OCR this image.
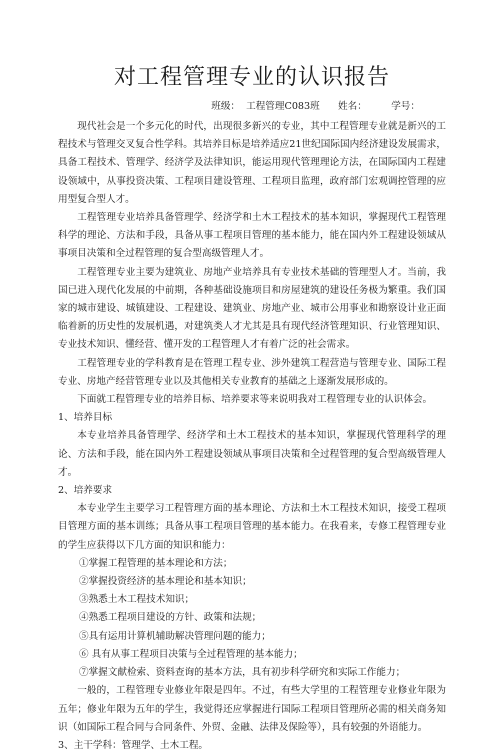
对工程管理专业的认识报告
班级：  工程管理C083班      姓名：        学号：

现代社会是一个多元化的时代，出现很多新兴的专业，其中工程管理专业就是新兴的工程技术与管理交叉复合性学科。其培养目标是培养适应21世纪国际国内经济建设发展需求，具备工程技术、管理学、经济学及法律知识，能运用现代管理理论方法，在国际国内工程建设领域中，从事投资决策、工程项目建设管理、工程项目监理，政府部门宏观调控管理的应用型复合型人才。

工程管理专业培养具备管理学、经济学和土木工程技术的基本知识，掌握现代工程管理科学的理论、方法和手段，具备从事工程项目管理的基本能力，能在国内外工程建设领域从事项目决策和全过程管理的复合型高级管理人才。

工程管理专业主要为建筑业、房地产业培养具有专业技术基础的管理型人才。当前，我国已进入现代化发展的中前期，各种基础设施项目和房屋建筑的建设任务极为繁重。我们国家的城市建设、城镇建设、工程建设、建筑业、房地产业、城市公用事业和勘察设计业正面临着新的历史性的发展机遇，对建筑类人才尤其是具有现代经济管理知识、行业管理知识、专业技术知识、懂经营、懂开发的工程管理人才有着广泛的社会需求。

工程管理专业的学科教育是在管理工程专业、涉外建筑工程营造与管理专业、国际工程专业、房地产经营管理专业以及其他相关专业教育的基础之上逐渐发展形成的。

下面就工程管理专业的培养目标、培养要求等来说明我对工程管理专业的认识体会。

1、培养目标

本专业培养具备管理学、经济学和土木工程技术的基本知识，掌握现代管理科学的理论、方法和手段，能在国内外工程建设领域从事项目决策和全过程管理的复合型高级管理人才。

2、培养要求

本专业学生主要学习工程管理方面的基本理论、方法和土木工程技术知识，接受工程项目管理方面的基本训练；具备从事工程项目管理的基本能力。在我看来，专修工程管理专业的学生应获得以下几方面的知识和能力：

①掌握工程管理的基本理论和方法；

②掌握投资经济的基本理论和基本知识；

③熟悉土木工程技术知识；

④熟悉工程项目建设的方针、政策和法规；

⑤具有运用计算机辅助解决管理问题的能力；

⑥ 具有从事工程项目决策与全过程管理的基本能力；

⑦掌握文献检索、资料查询的基本方法，具有初步科学研究和实际工作能力；

一般的，工程管理专业修业年限是四年。不过，有些大学里的工程管理专业修业年限为五年；修业年限为五年的学生，我觉得还应掌握进行国际工程项目管理所必需的相关商务知识（如国际工程合同与合同条件、外贸、金融、法律及保险等），具有较强的外语能力。

3、主干学科：管理学、土木工程。
